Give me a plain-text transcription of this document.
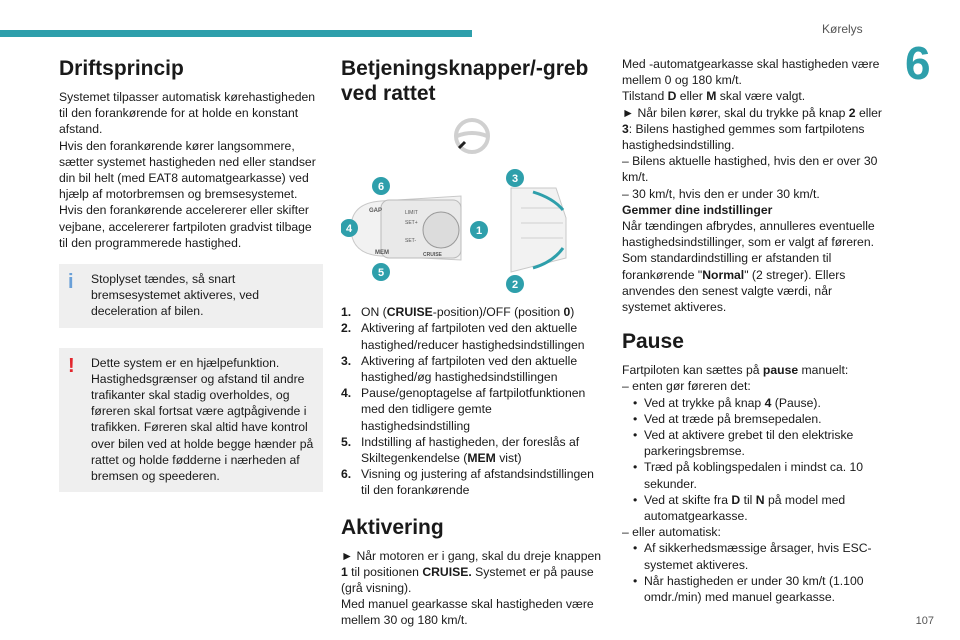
Kørelys
6
107
Driftsprincip

Systemet tilpasser automatisk kørehastigheden til den forankørende for at holde en konstant afstand.
Hvis den forankørende kører langsommere, sætter systemet hastigheden ned eller standser din bil helt (med EAT8 automatgearkasse) ved hjælp af motorbremsen og bremsesystemet.
Hvis den forankørende accelererer eller skifter vejbane, accelererer fartpiloten gradvist tilbage til den programmerede hastighed.

i Stoplyset tændes, så snart bremsesystemet aktiveres, ved deceleration af bilen.

! Dette system er en hjælpefunktion. Hastighedsgrænser og afstand til andre trafikanter skal stadig overholdes, og føreren skal fortsat være agtpågivende i trafikken. Føreren skal altid have kontrol over bilen ved at holde begge hænder på rattet og holde fødderne i nærheden af bremsen og speederen.

Betjeningsknapper/-greb ved rattet
GAP	LIMIT
SET+
SET-
MEM	CRUISE
6
4
5
1
3
2
1. ON (CRUISE-position)/OFF (position 0)
2. Aktivering af fartpiloten ved den aktuelle hastighed/reducer hastighedsindstillingen
3. Aktivering af fartpiloten ved den aktuelle hastighed/øg hastighedsindstillingen
4. Pause/genoptagelse af fartpilotfunktionen med den tidligere gemte hastighedsindstilling
5. Indstilling af hastigheden, der foreslås af Skiltegenkendelse (MEM vist)
6. Visning og justering af afstandsindstillingen til den forankørende
Aktivering

► Når motoren er i gang, skal du dreje knappen 1 til positionen CRUISE. Systemet er på pause (grå visning).

Med manuel gearkasse skal hastigheden være mellem 30 og 180 km/t.

Med -automatgearkasse skal hastigheden være mellem 0 og 180 km/t.

Tilstand D eller M skal være valgt.

► Når bilen kører, skal du trykke på knap 2 eller 3: Bilens hastighed gemmes som fartpilotens hastighedsindstilling.

– Bilens aktuelle hastighed, hvis den er over 30 km/t.

– 30 km/t, hvis den er under 30 km/t.

Gemmer dine indstillinger

Når tændingen afbrydes, annulleres eventuelle hastighedsindstillinger, som er valgt af føreren. Som standardindstilling er afstanden til forankørende "Normal" (2 streger). Ellers anvendes den senest valgte værdi, når systemet aktiveres.

Pause

Fartpiloten kan sættes på pause manuelt:

– enten gør føreren det:

• Ved at trykke på knap 4 (Pause).
• Ved at træde på bremsepedalen.
• Ved at aktivere grebet til den elektriske parkeringsbremse.
• Træd på koblingspedalen i mindst ca. 10 sekunder.
• Ved at skifte fra D til N på model med automatgearkasse.

– eller automatisk:

• Af sikkerhedsmæssige årsager, hvis ESC-systemet aktiveres.
• Når hastigheden er under 30 km/t (1.100 omdr./min) med manuel gearkasse.
